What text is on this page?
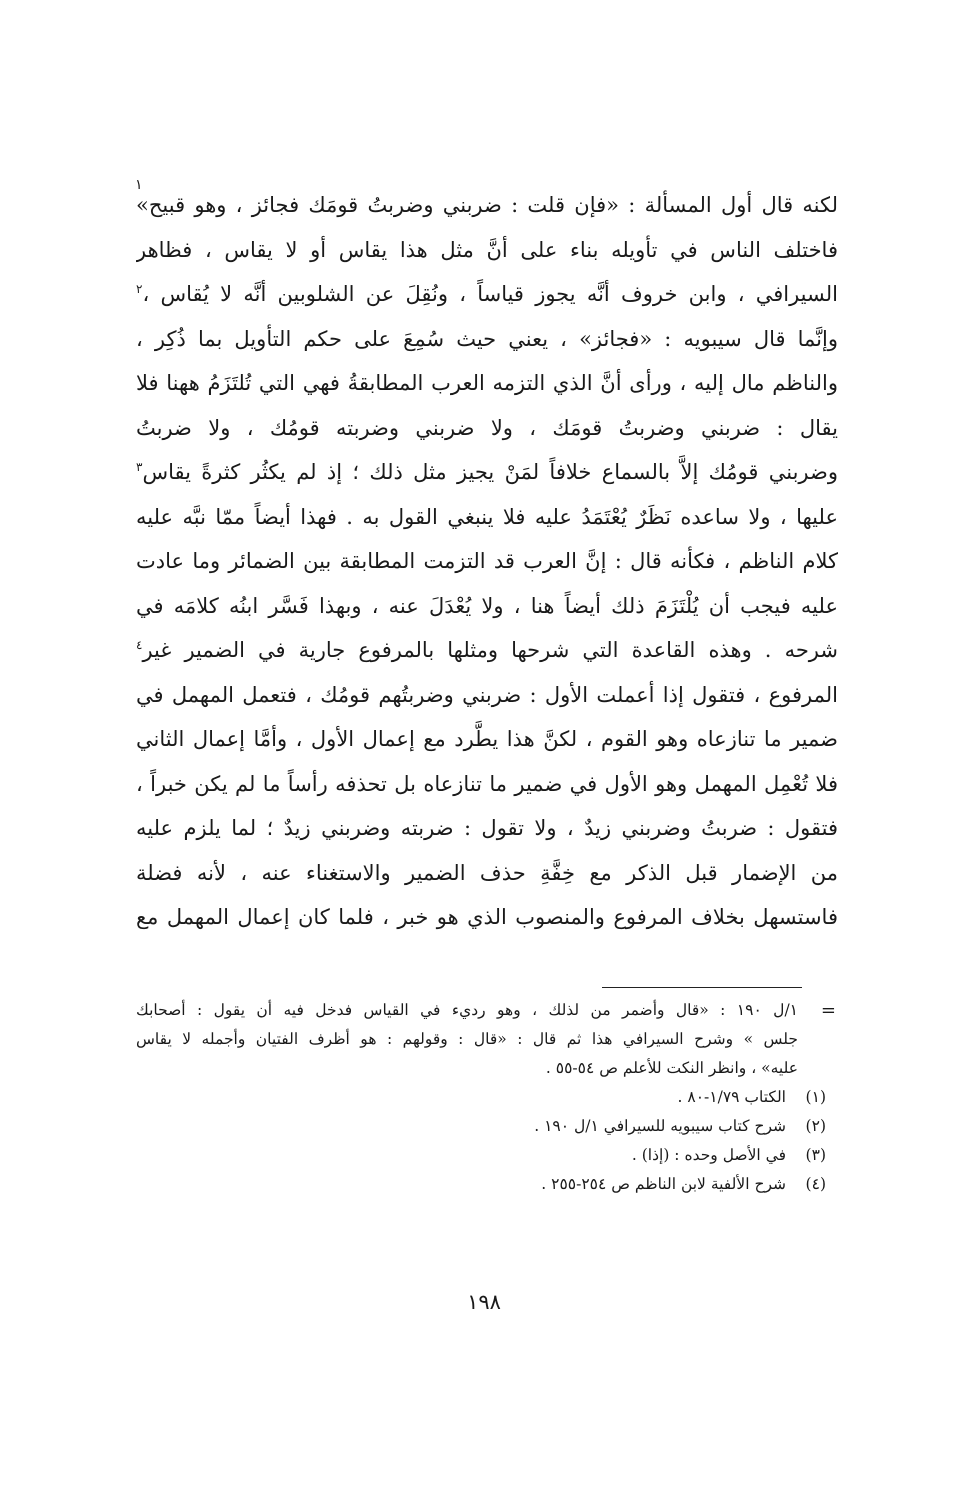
١
لكنه قال أول المسألة : «فإن قلت : ضربني وضربتُ قومَك فجائز ، وهو قبيح»
فاختلف الناس في تأويله بناء على أنَّ مثل هذا يقاس أو لا يقاس ، فظاهر
السيرافي ، وابن خروف أنَّه يجوز قياساً ، ونُقِلَ عن الشلوبين أنَّه لا يُقاس ،$^٢$
وإنَّما قال سيبويه : «فجائز» ، يعني حيث سُمِعَ على حكم التأويل بما ذُكِر ،
والناظم مال إليه ، ورأى أنَّ الذي التزمه العرب المطابقةُ فهي التي تُلتَزَمُ ههنا فلا
يقال : ضربني وضربتُ قومَك ، ولا ضربني وضربته قومُك ، ولا ضربتُ
وضربني قومُك إلاَّ بالسماع خلافاً لمَنْ يجيز مثل ذلك ؛ إذ لم يكثُر كثرةً يقاس$^٣$
عليها ، ولا ساعده نَظَرٌ يُعْتَمَدُ عليه فلا ينبغي القول به . فهذا أيضاً ممّا نبَّه عليه
كلام الناظم ، فكأنه قال : إنَّ العرب قد التزمت المطابقة بين الضمائر وما عادت
عليه فيجب أن يُلْتَزَمَ ذلك أيضاً هنا ، ولا يُعْدَلَ عنه ، وبهذا فَسَّر ابنُه كلامَه في
شرحه . وهذه القاعدة التي شرحها ومثلها بالمرفوع جارية في الضمير غير$^٤$
المرفوع ، فتقول إذا أعملت الأول : ضربني وضربتُهم قومُك ، فتعمل المهمل في
ضمير ما تنازعاه وهو القوم ، لكنَّ هذا يطَّرد مع إعمال الأول ، وأمَّا إعمال الثاني
فلا تُعْمِل المهمل وهو الأول في ضمير ما تنازعاه بل تحذفه رأساً ما لم يكن خبراً ،
فتقول : ضربتُ وضربني زيدٌ ، ولا تقول : ضربته وضربني زيدٌ ؛ لما يلزم عليه
من الإضمار قبل الذكر مع خِفَّةِ حذف الضمير والاستغناء عنه ، لأنه فضلة
فاستسهل بخلاف المرفوع والمنصوب الذي هو خبر ، فلما كان إعمال المهمل مع
=
١/ل ١٩٠ : «قال وأضمر من لذلك ، وهو رديء في القياس فدخل فيه أن يقول : أصحابك
جلس » وشرح السيرافي هذا ثم قال : «قال : وقولهم : هو أظرف الفتيان وأجمله لا يقاس
عليه» ، وانظر النكت للأعلم ص ٥٤-٥٥ .
(١)
الكتاب ١/٧٩-٨٠ .
(٢)
شرح كتاب سيبويه للسيرافي ١/ل ١٩٠ .
(٣)
في الأصل وحده : (إذا) .
(٤)
شرح الألفية لابن الناظم ص ٢٥٤-٢٥٥ .
١٩٨
